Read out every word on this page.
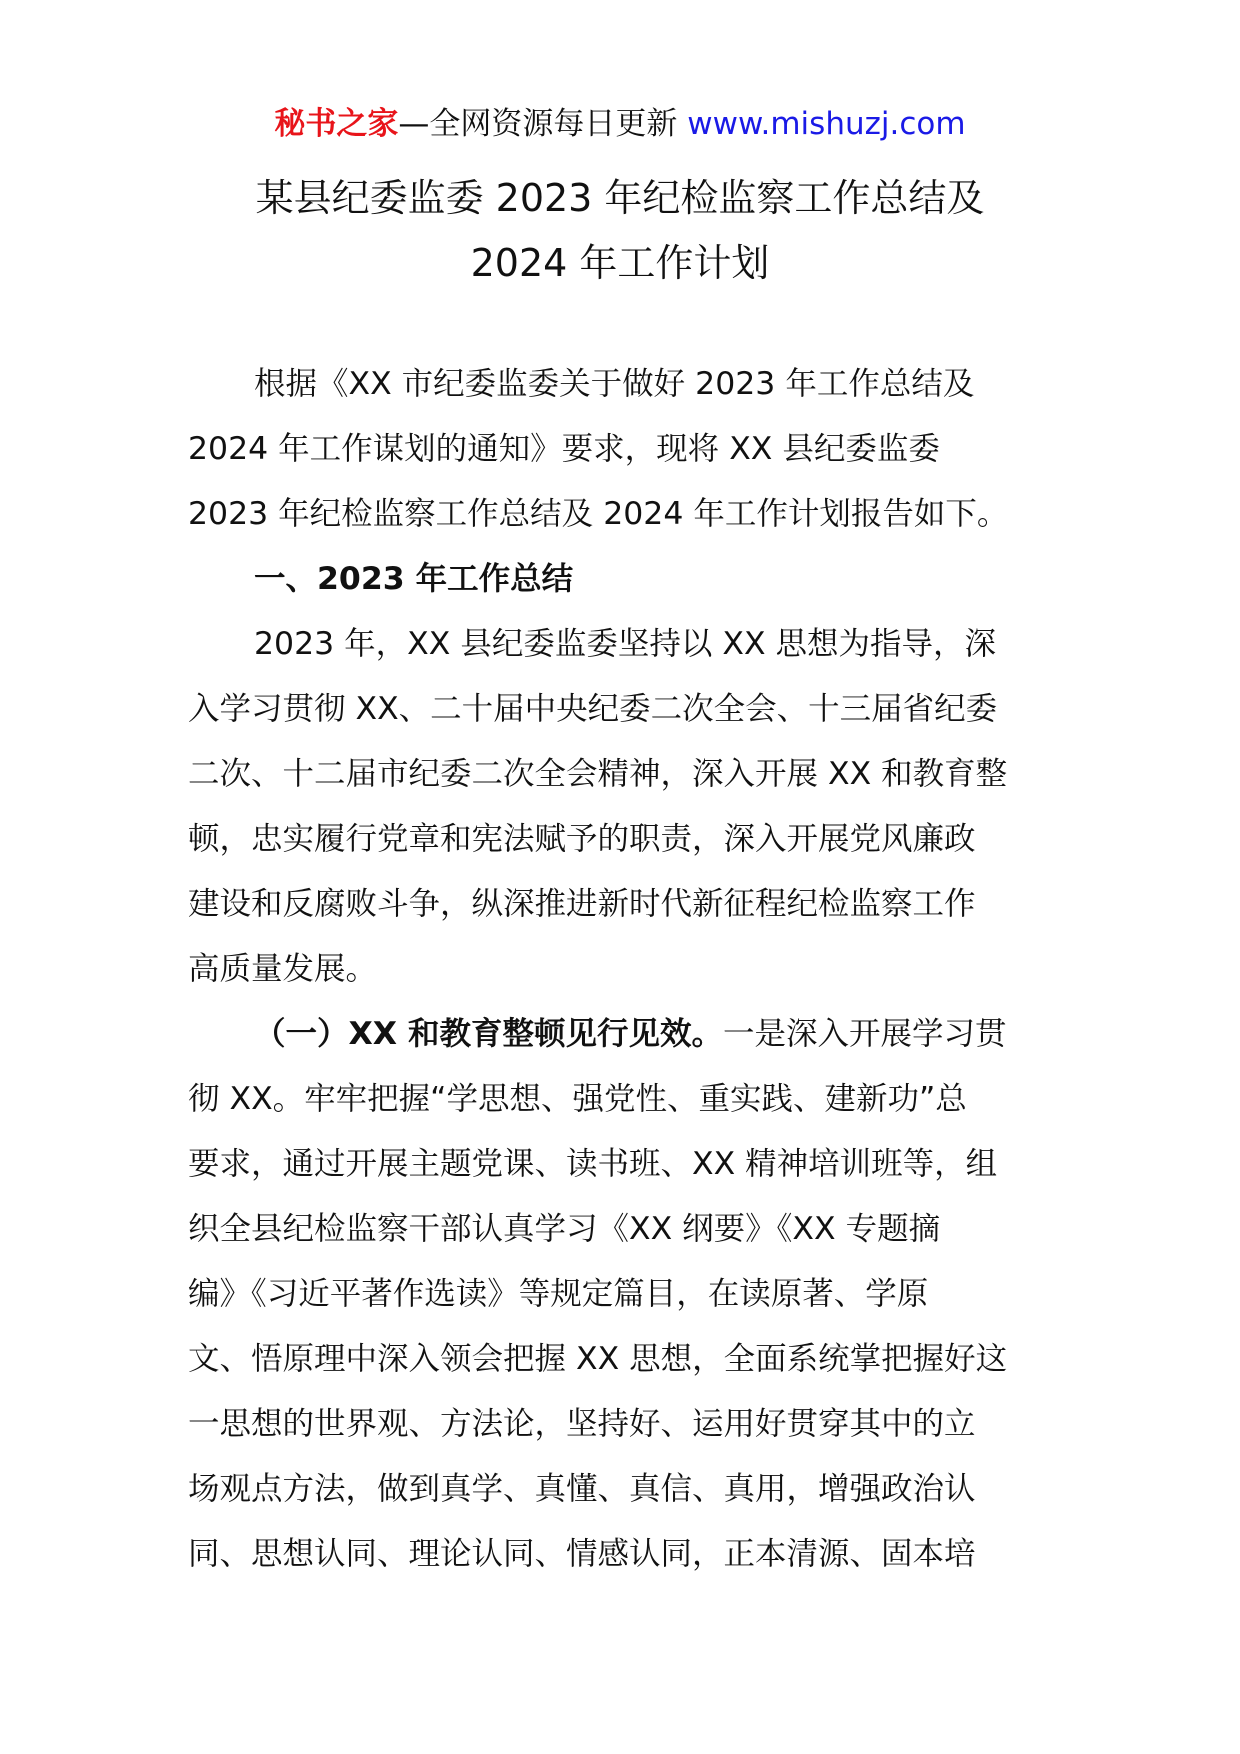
秘书之家—全网资源每日更新 www.mishuzj.com
某县纪委监委 2023 年纪检监察工作总结及
2024 年工作计划
根据《XX 市纪委监委关于做好 2023 年工作总结及
2024 年工作谋划的通知》要求，现将 XX 县纪委监委
2023 年纪检监察工作总结及 2024 年工作计划报告如下。
一、2023 年工作总结
2023 年，XX 县纪委监委坚持以 XX 思想为指导，深
入学习贯彻 XX、二十届中央纪委二次全会、十三届省纪委
二次、十二届市纪委二次全会精神，深入开展 XX 和教育整
顿，忠实履行党章和宪法赋予的职责，深入开展党风廉政
建设和反腐败斗争，纵深推进新时代新征程纪检监察工作
高质量发展。
（一）XX 和教育整顿见行见效。一是深入开展学习贯
彻 XX。牢牢把握“学思想、强党性、重实践、建新功”总
要求，通过开展主题党课、读书班、XX 精神培训班等，组
织全县纪检监察干部认真学习《XX 纲要》《XX 专题摘
编》《习近平著作选读》等规定篇目，在读原著、学原
文、悟原理中深入领会把握 XX 思想，全面系统掌把握好这
一思想的世界观、方法论，坚持好、运用好贯穿其中的立
场观点方法，做到真学、真懂、真信、真用，增强政治认
同、思想认同、理论认同、情感认同，正本清源、固本培
